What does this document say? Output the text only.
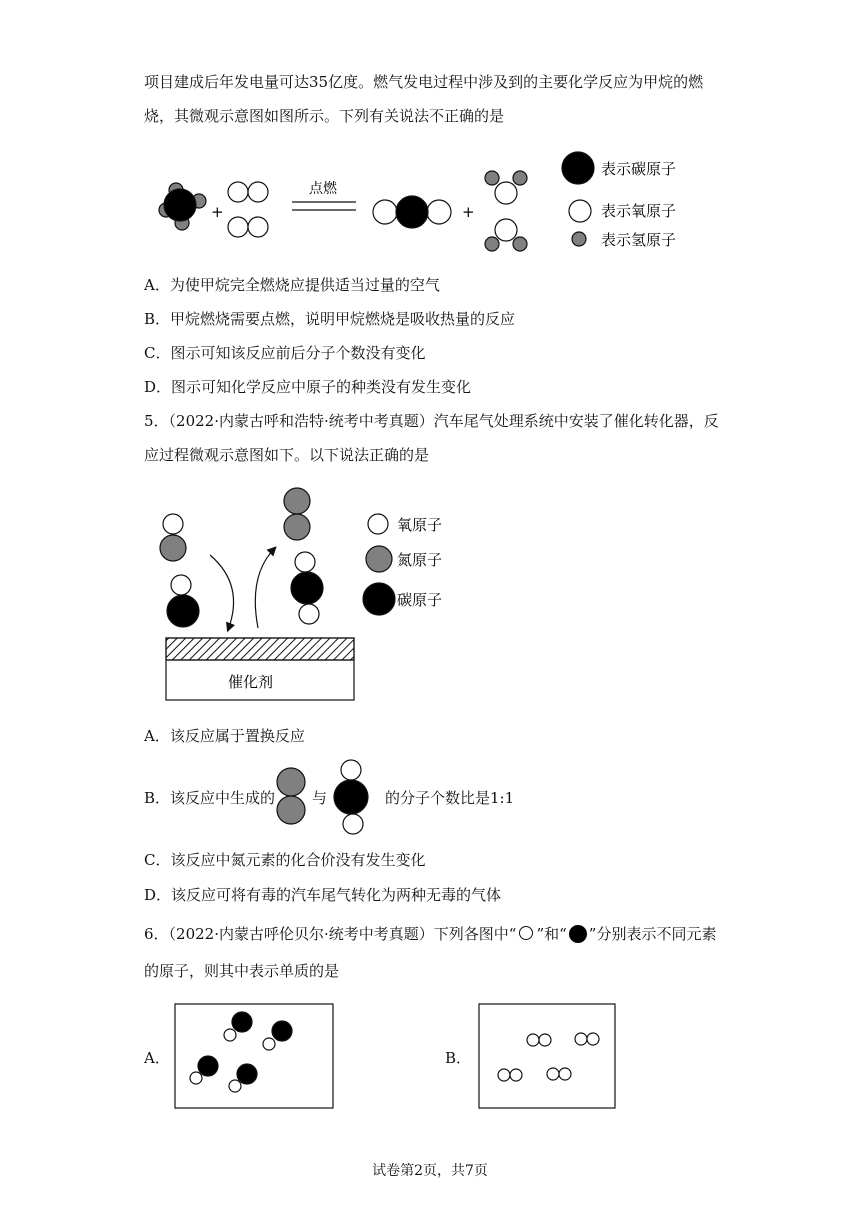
项目建成后年发电量可达35亿度。燃气发电过程中涉及到的主要化学反应为甲烷的燃
烧，其微观示意图如图所示。下列有关说法不正确的是
+	+
点燃
表示碳原子
表示氧原子
表示氢原子
A．为使甲烷完全燃烧应提供适当过量的空气
B．甲烷燃烧需要点燃，说明甲烷燃烧是吸收热量的反应
C．图示可知该反应前后分子个数没有变化
D．图示可知化学反应中原子的种类没有发生变化
5．（2022·内蒙古呼和浩特·统考中考真题）汽车尾气处理系统中安装了催化转化器，反
应过程微观示意图如下。以下说法正确的是
催化剂
氧原子
氮原子
碳原子
A．该反应属于置换反应
B．该反应中生成的 与	的分子个数比是1:1
C．该反应中氮元素的化合价没有发生变化
D．该反应可将有毒的汽车尾气转化为两种无毒的气体
6．（2022·内蒙古呼伦贝尔·统考中考真题）下列各图中“ ”和“ ”分别表示不同元素
的原子，则其中表示单质的是
A．	B．
试卷第2页，共7页
